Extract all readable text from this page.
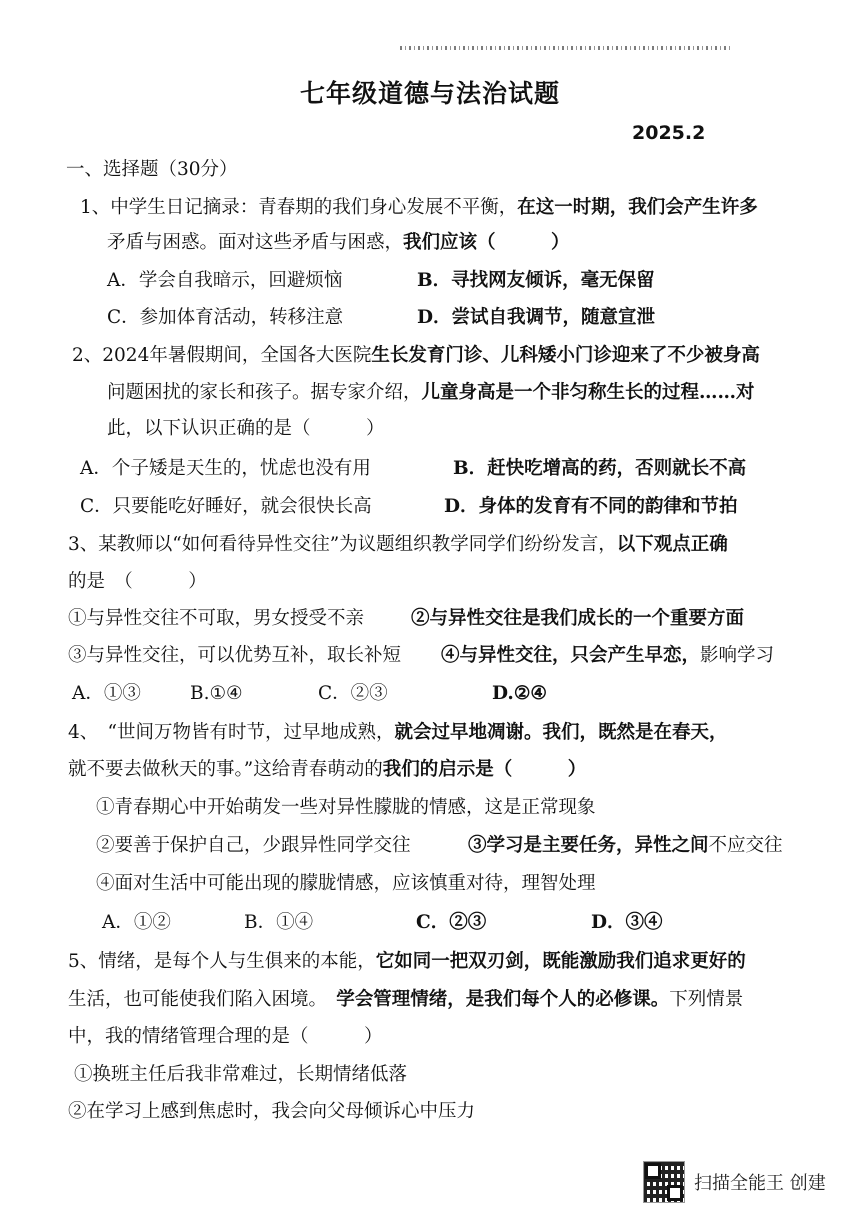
七年级道德与法治试题
2025.2
一、选择题（30分）
1、中学生日记摘录：青春期的我们身心发展不平衡，在这一时期，我们会产生许多
矛盾与困惑。面对这些矛盾与困惑，我们应该（　　　）
A．学会自我暗示，回避烦恼	B．寻找网友倾诉，毫无保留
C．参加体育活动，转移注意	D．尝试自我调节，随意宣泄
2、2024年暑假期间，全国各大医院生长发育门诊、儿科矮小门诊迎来了不少被身高
问题困扰的家长和孩子。据专家介绍，儿童身高是一个非匀称生长的过程……对
此，以下认识正确的是（　　　）
A．个子矮是天生的，忧虑也没有用	B．赶快吃增高的药，否则就长不高
C．只要能吃好睡好，就会很快长高	D．身体的发育有不同的韵律和节拍
3、某教师以“如何看待异性交往”为议题组织教学同学们纷纷发言，以下观点正确
的是　（　　　）
①与异性交往不可取，男女授受不亲	②与异性交往是我们成长的一个重要方面
③与异性交往，可以优势互补，取长补短 ④与异性交往，只会产生早恋，影响学习
A．①③	B.①④	C．②③	D.②④
4、　“世间万物皆有时节，过早地成熟，就会过早地凋谢。我们，既然是在春天，
就不要去做秋天的事。”这给青春萌动的我们的启示是（　　　）
①青春期心中开始萌发一些对异性朦胧的情感，这是正常现象
②要善于保护自己，少跟异性同学交往	③学习是主要任务，异性之间不应交往
④面对生活中可能出现的朦胧情感，应该慎重对待，理智处理
A．①②	B．①④	C．②③	D．③④
5、情绪，是每个人与生俱来的本能，它如同一把双刃剑，既能激励我们追求更好的
生活，也可能使我们陷入困境。　学会管理情绪，是我们每个人的必修课。下列情景
中，我的情绪管理合理的是（　　　）
①换班主任后我非常难过，长期情绪低落
②在学习上感到焦虑时，我会向父母倾诉心中压力
扫描全能王 创建
